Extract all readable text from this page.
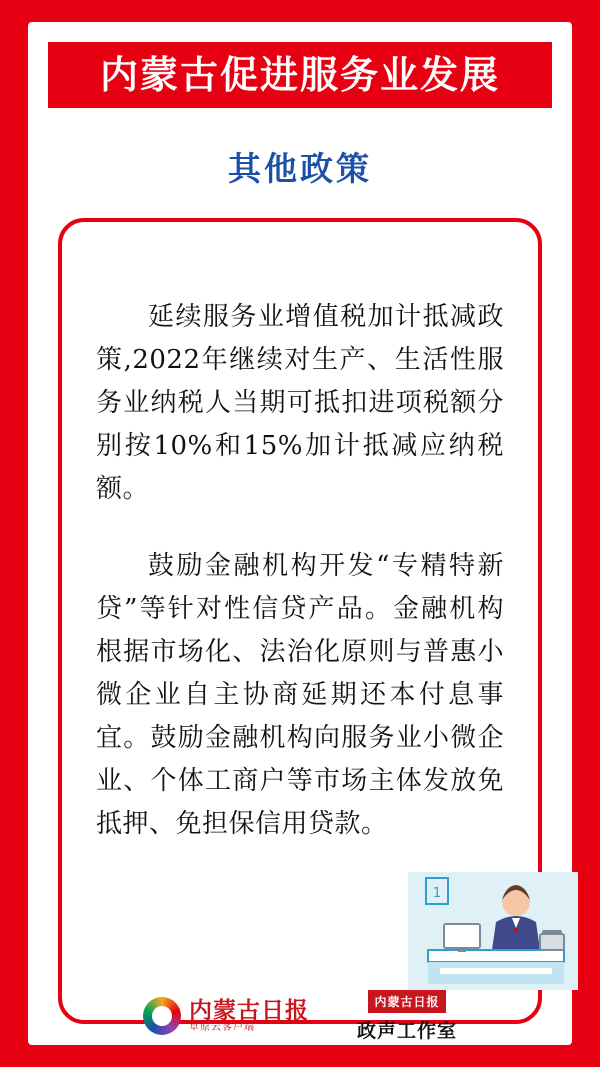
内蒙古促进服务业发展
其他政策

延续服务业增值税加计抵减政策,2022年继续对生产、生活性服务业纳税人当期可抵扣进项税额分别按10%和15%加计抵减应纳税额。

鼓励金融机构开发“专精特新贷”等针对性信贷产品。金融机构根据市场化、法治化原则与普惠小微企业自主协商延期还本付息事宜。鼓励金融机构向服务业小微企业、个体工商户等市场主体发放免抵押、免担保信用贷款。

1
内蒙古日报
草原云客户端
内蒙古日报
政声工作室
